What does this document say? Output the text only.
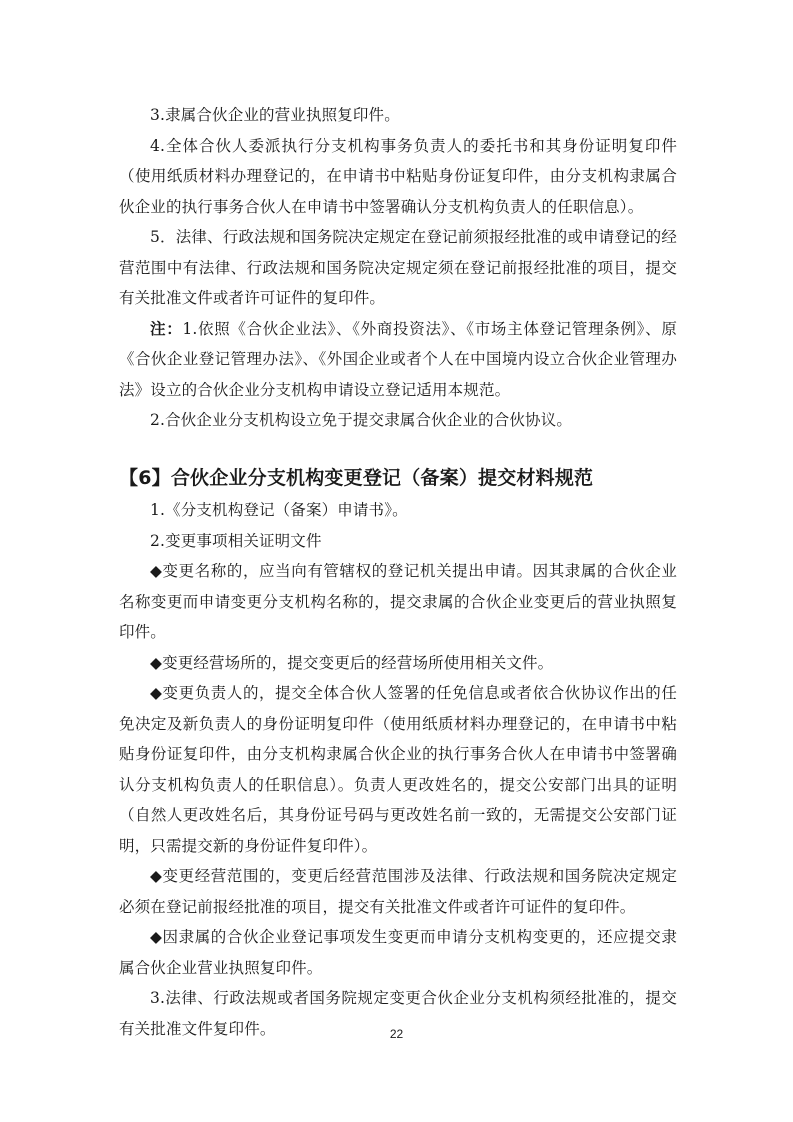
3.隶属合伙企业的营业执照复印件。

4.全体合伙人委派执行分支机构事务负责人的委托书和其身份证明复印件（使用纸质材料办理登记的，在申请书中粘贴身份证复印件，由分支机构隶属合伙企业的执行事务合伙人在申请书中签署确认分支机构负责人的任职信息）。

5．法律、行政法规和国务院决定规定在登记前须报经批准的或申请登记的经营范围中有法律、行政法规和国务院决定规定须在登记前报经批准的项目，提交有关批准文件或者许可证件的复印件。

注：1.依照《合伙企业法》、《外商投资法》、《市场主体登记管理条例》、原《合伙企业登记管理办法》、《外国企业或者个人在中国境内设立合伙企业管理办法》设立的合伙企业分支机构申请设立登记适用本规范。

2.合伙企业分支机构设立免于提交隶属合伙企业的合伙协议。

【6】合伙企业分支机构变更登记（备案）提交材料规范

1.《分支机构登记（备案）申请书》。

2.变更事项相关证明文件

◆变更名称的，应当向有管辖权的登记机关提出申请。因其隶属的合伙企业名称变更而申请变更分支机构名称的，提交隶属的合伙企业变更后的营业执照复印件。

◆变更经营场所的，提交变更后的经营场所使用相关文件。

◆变更负责人的，提交全体合伙人签署的任免信息或者依合伙协议作出的任免决定及新负责人的身份证明复印件（使用纸质材料办理登记的，在申请书中粘贴身份证复印件，由分支机构隶属合伙企业的执行事务合伙人在申请书中签署确认分支机构负责人的任职信息）。负责人更改姓名的，提交公安部门出具的证明（自然人更改姓名后，其身份证号码与更改姓名前一致的，无需提交公安部门证明，只需提交新的身份证件复印件）。

◆变更经营范围的，变更后经营范围涉及法律、行政法规和国务院决定规定必须在登记前报经批准的项目，提交有关批准文件或者许可证件的复印件。

◆因隶属的合伙企业登记事项发生变更而申请分支机构变更的，还应提交隶属合伙企业营业执照复印件。

3.法律、行政法规或者国务院规定变更合伙企业分支机构须经批准的，提交有关批准文件复印件。	22
